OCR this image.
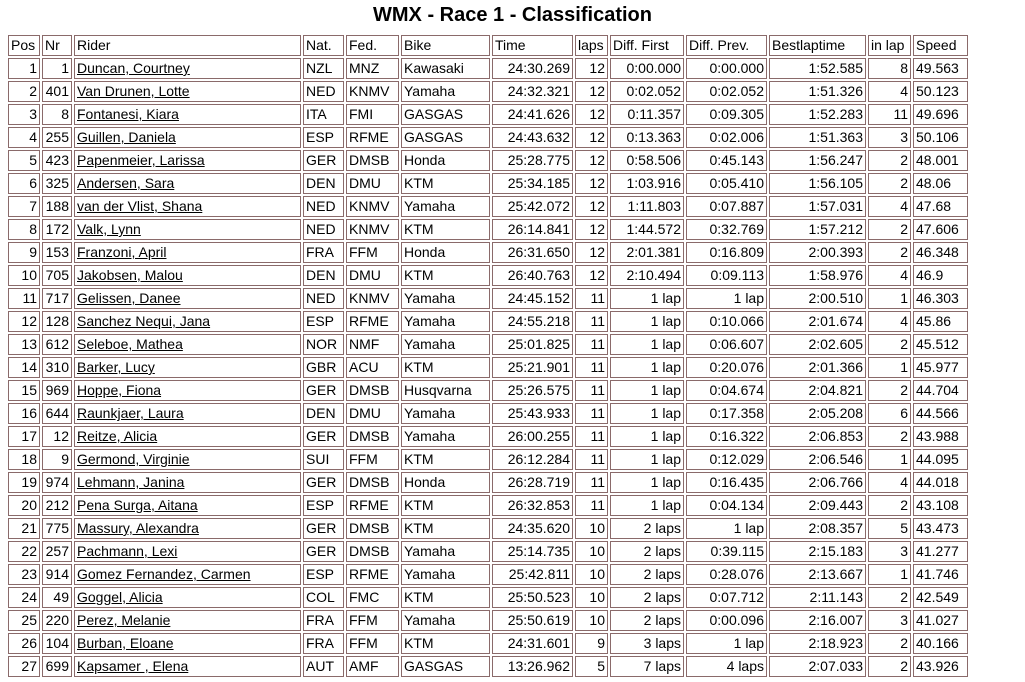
WMX - Race 1 - Classification
Pos	Nr	Rider	Nat.	Fed.	Bike	Time	laps	Diff. First	Diff. Prev.	Bestlaptime	in lap	Speed
1	1	Duncan, Courtney	NZL	MNZ	Kawasaki	24:30.269	12	0:00.000	0:00.000	1:52.585	8	49.563
2	401	Van Drunen, Lotte	NED	KNMV	Yamaha	24:32.321	12	0:02.052	0:02.052	1:51.326	4	50.123
3	8	Fontanesi, Kiara	ITA	FMI	GASGAS	24:41.626	12	0:11.357	0:09.305	1:52.283	11	49.696
4	255	Guillen, Daniela	ESP	RFME	GASGAS	24:43.632	12	0:13.363	0:02.006	1:51.363	3	50.106
5	423	Papenmeier, Larissa	GER	DMSB	Honda	25:28.775	12	0:58.506	0:45.143	1:56.247	2	48.001
6	325	Andersen, Sara	DEN	DMU	KTM	25:34.185	12	1:03.916	0:05.410	1:56.105	2	48.06
7	188	van der Vlist, Shana	NED	KNMV	Yamaha	25:42.072	12	1:11.803	0:07.887	1:57.031	4	47.68
8	172	Valk, Lynn	NED	KNMV	KTM	26:14.841	12	1:44.572	0:32.769	1:57.212	2	47.606
9	153	Franzoni, April	FRA	FFM	Honda	26:31.650	12	2:01.381	0:16.809	2:00.393	2	46.348
10	705	Jakobsen, Malou	DEN	DMU	KTM	26:40.763	12	2:10.494	0:09.113	1:58.976	4	46.9
11	717	Gelissen, Danee	NED	KNMV	Yamaha	24:45.152	11	1 lap	1 lap	2:00.510	1	46.303
12	128	Sanchez Nequi, Jana	ESP	RFME	Yamaha	24:55.218	11	1 lap	0:10.066	2:01.674	4	45.86
13	612	Seleboe, Mathea	NOR	NMF	Yamaha	25:01.825	11	1 lap	0:06.607	2:02.605	2	45.512
14	310	Barker, Lucy	GBR	ACU	KTM	25:21.901	11	1 lap	0:20.076	2:01.366	1	45.977
15	969	Hoppe, Fiona	GER	DMSB	Husqvarna	25:26.575	11	1 lap	0:04.674	2:04.821	2	44.704
16	644	Raunkjaer, Laura	DEN	DMU	Yamaha	25:43.933	11	1 lap	0:17.358	2:05.208	6	44.566
17	12	Reitze, Alicia	GER	DMSB	Yamaha	26:00.255	11	1 lap	0:16.322	2:06.853	2	43.988
18	9	Germond, Virginie	SUI	FFM	KTM	26:12.284	11	1 lap	0:12.029	2:06.546	1	44.095
19	974	Lehmann, Janina	GER	DMSB	Honda	26:28.719	11	1 lap	0:16.435	2:06.766	4	44.018
20	212	Pena Surga, Aitana	ESP	RFME	KTM	26:32.853	11	1 lap	0:04.134	2:09.443	2	43.108
21	775	Massury, Alexandra	GER	DMSB	KTM	24:35.620	10	2 laps	1 lap	2:08.357	5	43.473
22	257	Pachmann, Lexi	GER	DMSB	Yamaha	25:14.735	10	2 laps	0:39.115	2:15.183	3	41.277
23	914	Gomez Fernandez, Carmen	ESP	RFME	Yamaha	25:42.811	10	2 laps	0:28.076	2:13.667	1	41.746
24	49	Goggel, Alicia	COL	FMC	KTM	25:50.523	10	2 laps	0:07.712	2:11.143	2	42.549
25	220	Perez, Melanie	FRA	FFM	Yamaha	25:50.619	10	2 laps	0:00.096	2:16.007	3	41.027
26	104	Burban, Eloane	FRA	FFM	KTM	24:31.601	9	3 laps	1 lap	2:18.923	2	40.166
27	699	Kapsamer , Elena	AUT	AMF	GASGAS	13:26.962	5	7 laps	4 laps	2:07.033	2	43.926
